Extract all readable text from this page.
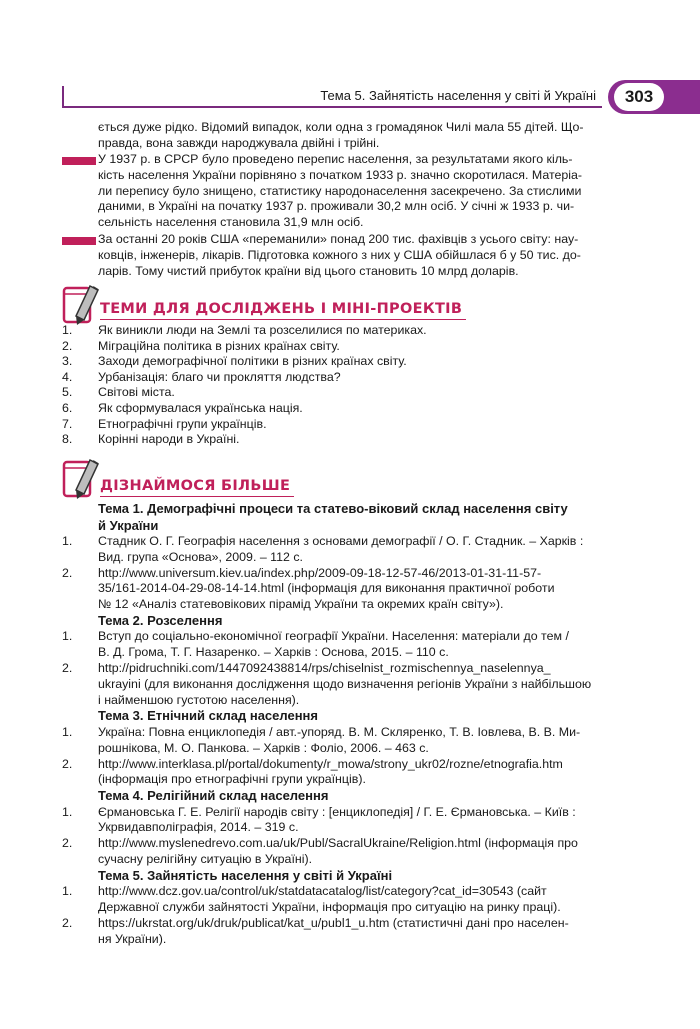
Тема 5. Зайнятість населення у світі й Україні	303
ється дуже рідко. Відомий випадок, коли одна з громадянок Чилі мала 55 дітей. Що-
правда, вона завжди народжувала двійні і трійні.
У 1937 р. в СРСР було проведено перепис населення, за результатами якого кіль-
кість населення України порівняно з початком 1933 р. значно скоротилася. Матеріа-
ли перепису було знищено, статистику народонаселення засекречено. За стислими
даними, в Україні на початку 1937 р. проживали 30,2 млн осіб. У січні ж 1933 р. чи-
сельність населення становила 31,9 млн осіб.
За останні 20 років США «переманили» понад 200 тис. фахівців з усього світу: нау-
ковців, інженерів, лікарів. Підготовка кожного з них у США обійшлася б у 50 тис. до-
ларів. Тому чистий прибуток країни від цього становить 10 млрд доларів.
ТЕМИ ДЛЯ ДОСЛІДЖЕНЬ І МІНІ-ПРОЕКТІВ
1.	Як виникли люди на Землі та розселилися по материках.
2.	Міграційна політика в різних країнах світу.
3.	Заходи демографічної політики в різних країнах світу.
4.	Урбанізація: благо чи прокляття людства?
5.	Світові міста.
6.	Як сформувалася українська нація.
7.	Етнографічні групи українців.
8.	Корінні народи в Україні.
ДІЗНАЙМОСЯ БІЛЬШЕ
Тема 1. Демографічні процеси та статево-віковий склад населення світу
й України
1.	Стадник О. Г. Географія населення з основами демографії / О. Г. Стадник. – Харків :
Вид. група «Основа», 2009. – 112 с.
2.	http://www.universum.kiev.ua/index.php/2009-09-18-12-57-46/2013-01-31-11-57-
35/161-2014-04-29-08-14-14.html (інформація для виконання практичної роботи
№ 12 «Аналіз статевовікових пірамід України та окремих країн світу»).
Тема 2. Розселення
1.	Вступ до соціально-економічної географії України. Населення: матеріали до тем /
В. Д. Грома, Т. Г. Назаренко. – Харків : Основа, 2015. – 110 с.
2.	http://pidruchniki.com/1447092438814/rps/chiselnist_rozmischennya_naselennya_
ukrayini (для виконання дослідження щодо визначення регіонів України з найбільшою
і найменшою густотою населення).
Тема 3. Етнічний склад населення
1.	Україна: Повна енциклопедія / авт.-упоряд. В. М. Скляренко, Т. В. Іовлева, В. В. Ми-
рошнікова, М. О. Панкова. – Харків : Фоліо, 2006. – 463 с.
2.	http://www.interklasa.pl/portal/dokumenty/r_mowa/strony_ukr02/rozne/etnografia.htm
(інформація про етнографічні групи українців).
Тема 4. Релігійний склад населення
1.	Єрмановська Г. Е. Релігії народів світу : [енциклопедія] / Г. Е. Єрмановська. – Київ :
Укрвидавполіграфія, 2014. – 319 с.
2.	http://www.myslenedrevo.com.ua/uk/Publ/SacralUkraine/Religion.html (інформація про
сучасну релігійну ситуацію в Україні).
Тема 5. Зайнятість населення у світі й Україні
1.	http://www.dcz.gov.ua/control/uk/statdatacatalog/list/category?cat_id=30543 (сайт
Державної служби зайнятості України, інформація про ситуацію на ринку праці).
2.	https://ukrstat.org/uk/druk/publicat/kat_u/publ1_u.htm (статистичні дані про населен-
ня України).
